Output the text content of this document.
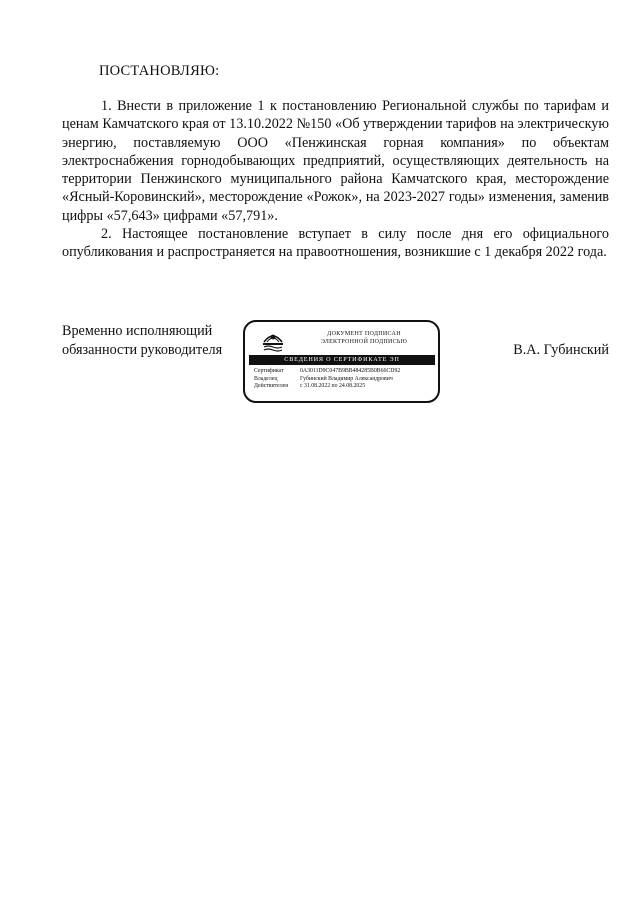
ПОСТАНОВЛЯЮ:

1. Внести в приложение 1 к постановлению Региональной службы по тарифам и ценам Камчатского края от 13.10.2022 №150 «Об утверждении тарифов на электрическую энергию, поставляемую ООО «Пенжинская горная компания» по объектам электроснабжения горнодобывающих предприятий, осуществляющих деятельность на территории Пенжинского муниципального района Камчатского края, месторождение «Ясный-Коровинский», месторождение «Рожок», на 2023-2027 годы» изменения, заменив цифры «57,643» цифрами «57,791».

2. Настоящее постановление вступает в силу после дня его официального опубликования и распространяется на правоотношения, возникшие с 1 декабря 2022 года.

Временно исполняющий
обязанности руководителя
ДОКУМЕНТ ПОДПИСАН
ЭЛЕКТРОННОЙ ПОДПИСЬЮ
СВЕДЕНИЯ О СЕРТИФИКАТЕ ЭП
Сертификат	0A3011D9C047B9BB484285B0B66CD92
Владелец	Губинский Владимир Александрович
Действителен с 31.08.2022 по 24.08.2025
В.А. Губинский
